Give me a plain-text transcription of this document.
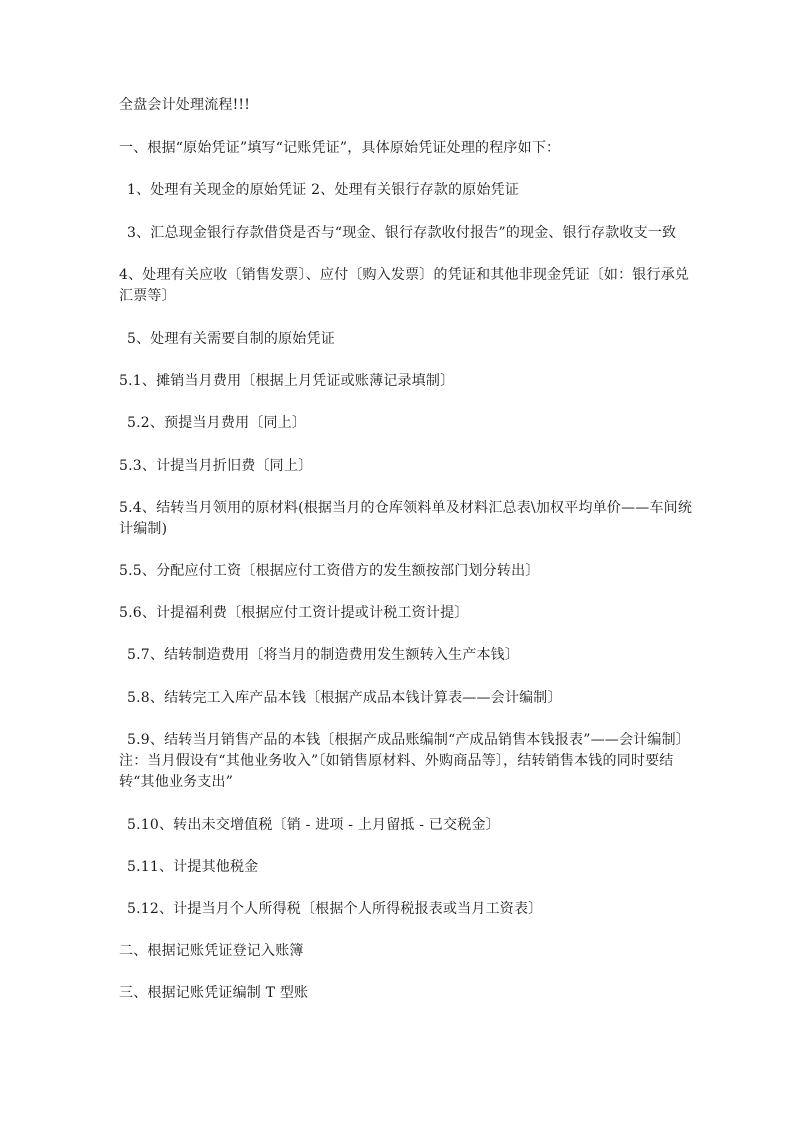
全盘会计处理流程!!!
一、根据“原始凭证”填写“记账凭证”，具体原始凭证处理的程序如下：
1、处理有关现金的原始凭证 2、处理有关银行存款的原始凭证
3、汇总现金银行存款借贷是否与“现金、银行存款收付报告”的现金、银行存款收支一致
4、处理有关应收〔销售发票〕、应付〔购入发票〕的凭证和其他非现金凭证〔如：银行承兑汇票等〕
5、处理有关需要自制的原始凭证
5.1、摊销当月费用〔根据上月凭证或账薄记录填制〕
5.2、预提当月费用〔同上〕
5.3、计提当月折旧费〔同上〕
5.4、结转当月领用的原材料(根据当月的仓库领料单及材料汇总表\加权平均单价——车间统计编制)
5.5、分配应付工资〔根据应付工资借方的发生额按部门划分转出〕
5.6、计提福利费〔根据应付工资计提或计税工资计提〕
5.7、结转制造费用〔将当月的制造费用发生额转入生产本钱〕
5.8、结转完工入库产品本钱〔根据产成品本钱计算表——会计编制〕
5.9、结转当月销售产品的本钱〔根据产成品账编制“产成品销售本钱报表”——会计编制〕
注：当月假设有“其他业务收入”〔如销售原材料、外购商品等〕，结转销售本钱的同时要结转“其他业务支出”
5.10、转出未交增值税〔销 - 进项 - 上月留抵 - 已交税金〕
5.11、计提其他税金
5.12、计提当月个人所得税〔根据个人所得税报表或当月工资表〕
二、根据记账凭证登记入账簿
三、根据记账凭证编制 T 型账
